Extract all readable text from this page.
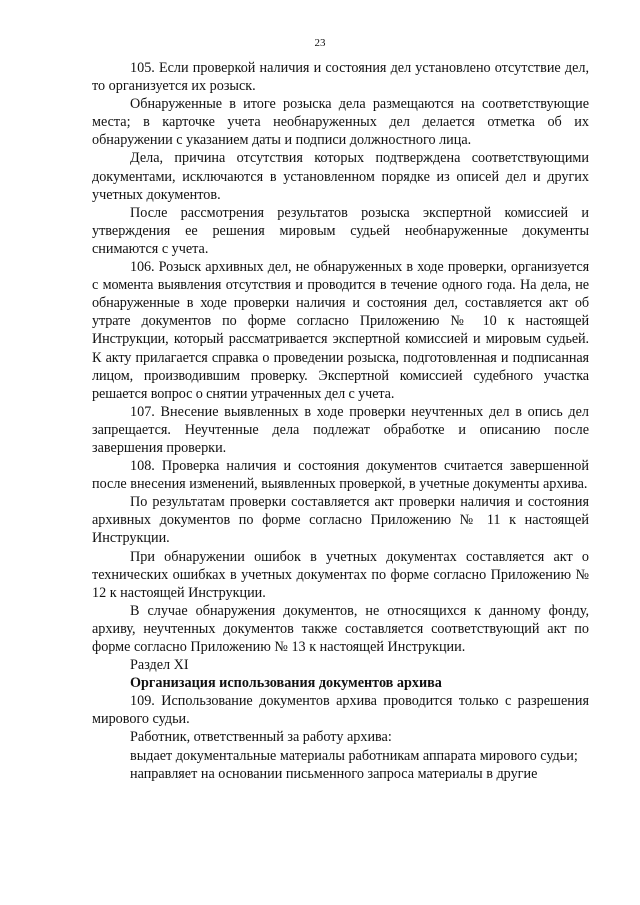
23

105. Если проверкой наличия и состояния дел установлено отсутствие дел, то организуется их розыск.

Обнаруженные в итоге розыска дела размещаются на соответствующие места; в карточке учета необнаруженных дел делается отметка об их обнаружении с указанием даты и подписи должностного лица.

Дела, причина отсутствия которых подтверждена соответствующими документами, исключаются в установленном порядке из описей дел и других учетных документов.

После рассмотрения результатов розыска экспертной комиссией и утверждения ее решения мировым судьей необнаруженные документы снимаются с учета.

106. Розыск архивных дел, не обнаруженных в ходе проверки, организуется с момента выявления отсутствия и проводится в течение одного года. На дела, не обнаруженные в ходе проверки наличия и состояния дел, составляется акт об утрате документов по форме согласно Приложению № 10 к настоящей Инструкции, который рассматривается экспертной комиссией и мировым судьей. К акту прилагается справка о проведении розыска, подготовленная и подписанная лицом, производившим проверку. Экспертной комиссией судебного участка решается вопрос о снятии утраченных дел с учета.

107. Внесение выявленных в ходе проверки неучтенных дел в опись дел запрещается. Неучтенные дела подлежат обработке и описанию после завершения проверки.

108. Проверка наличия и состояния документов считается завершенной после внесения изменений, выявленных проверкой, в учетные документы архива.

По результатам проверки составляется акт проверки наличия и состояния архивных документов по форме согласно Приложению № 11 к настоящей Инструкции.

При обнаружении ошибок в учетных документах составляется акт о технических ошибках в учетных документах по форме согласно Приложению № 12 к настоящей Инструкции.

В случае обнаружения документов, не относящихся к данному фонду, архиву, неучтенных документов также составляется соответствующий акт по форме согласно Приложению № 13 к настоящей Инструкции.

Раздел XI

Организация использования документов архива

109. Использование документов архива проводится только с разрешения мирового судьи.

Работник, ответственный за работу архива:

выдает документальные материалы работникам аппарата мирового судьи;

направляет на основании письменного запроса материалы в другие
